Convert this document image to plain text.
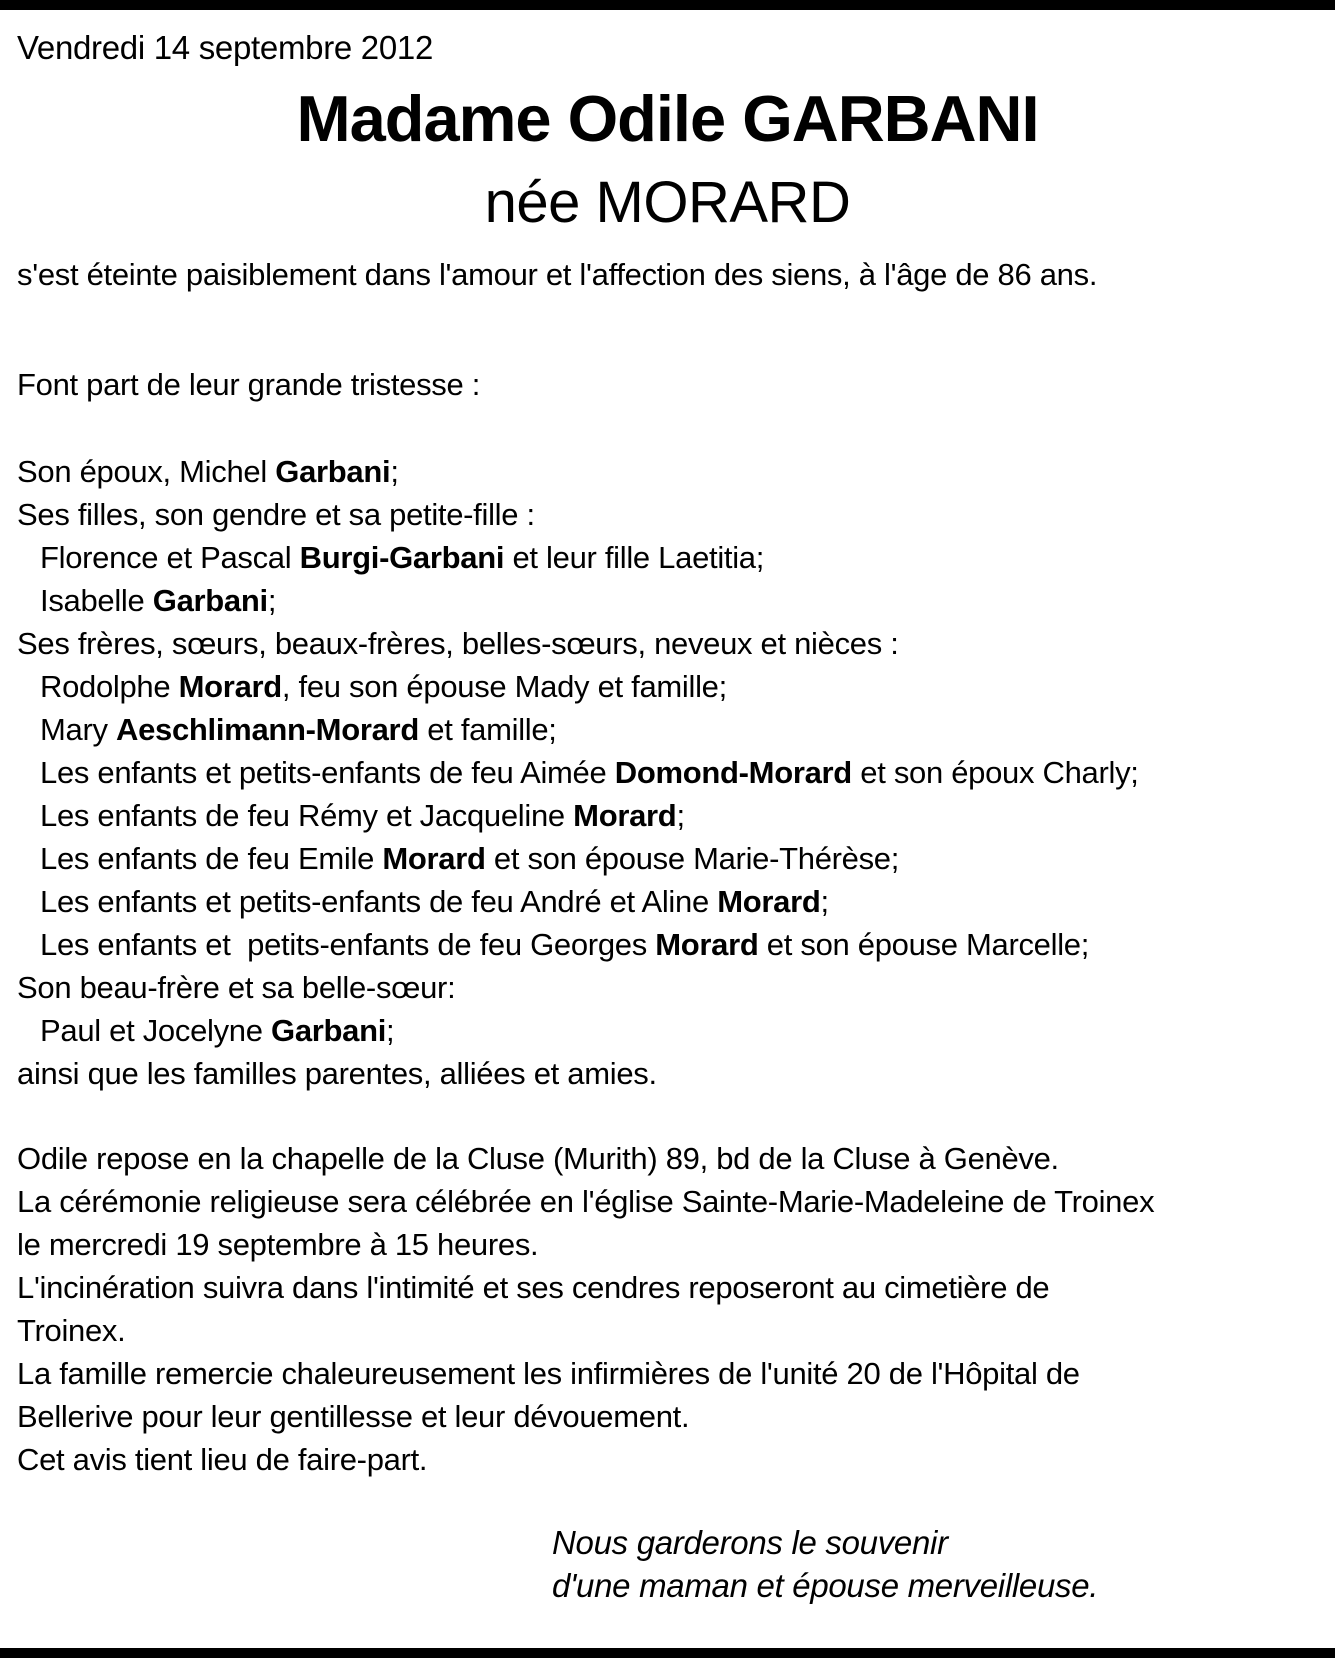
Vendredi 14 septembre 2012
Madame Odile GARBANI
née MORARD
s'est éteinte paisiblement dans l'amour et l'affection des siens, à l'âge de 86 ans.
Font part de leur grande tristesse :
Son époux, Michel Garbani;
Ses filles, son gendre et sa petite-fille :
Florence et Pascal Burgi-Garbani et leur fille Laetitia;
Isabelle Garbani;
Ses frères, sœurs, beaux-frères, belles-sœurs, neveux et nièces :
Rodolphe Morard, feu son épouse Mady et famille;
Mary Aeschlimann-Morard et famille;
Les enfants et petits-enfants de feu Aimée Domond-Morard et son époux Charly;
Les enfants de feu Rémy et Jacqueline Morard;
Les enfants de feu Emile Morard et son épouse Marie-Thérèse;
Les enfants et petits-enfants de feu André et Aline Morard;
Les enfants et  petits-enfants de feu Georges Morard et son épouse Marcelle;
Son beau-frère et sa belle-sœur:
Paul et Jocelyne Garbani;
ainsi que les familles parentes, alliées et amies.
Odile repose en la chapelle de la Cluse (Murith) 89, bd de la Cluse à Genève.
La cérémonie religieuse sera célébrée en l'église Sainte-Marie-Madeleine de Troinex
le mercredi 19 septembre à 15 heures.
L'incinération suivra dans l'intimité et ses cendres reposeront au cimetière de
Troinex.
La famille remercie chaleureusement les infirmières de l'unité 20 de l'Hôpital de
Bellerive pour leur gentillesse et leur dévouement.
Cet avis tient lieu de faire-part.
Nous garderons le souvenir
d'une maman et épouse merveilleuse.
